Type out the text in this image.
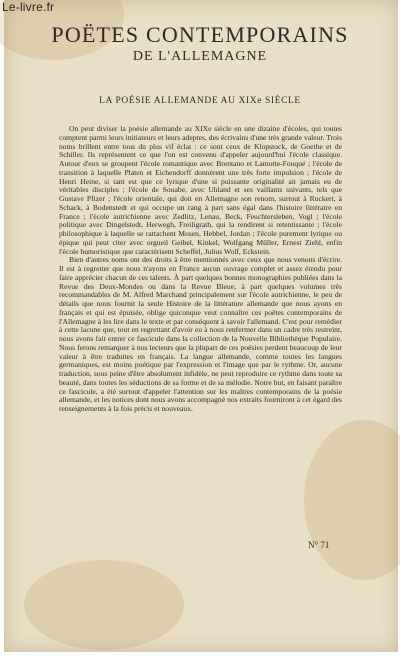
Le-livre.fr
POËTES CONTEMPORAINS
DE L'ALLEMAGNE
LA POÉSIE ALLEMANDE AU XIXe SIÈCLE

On peut diviser la poésie allemande au XIXe siècle en une dizaine d'écoles, qui toutes comptent parmi leurs initiateurs et leurs adeptes, des écrivains d'une très grande valeur. Trois noms brillent entre tous du plus vif éclat : ce sont ceux de Klopstock, de Goethe et de Schiller. Ils représentent ce que l'on est convenu d'appeler aujourd'hui l'école classique. Autour d'eux se groupent l'école romantique avec Brentano et Lamotte-Fouqué ; l'école de transition à laquelle Platen et Eichendorff donnèrent une très forte impulsion ; l'école de Henri Heine, si tant est que ce lyrique d'une si puissante originalité ait jamais eu de véritables disciples ; l'école de Souabe, avec Uhland et ses vaillants suivants, tels que Gustave Pfizer ; l'école orientale, qui doit en Allemagne son renom, surtout à Ruckert, à Schack, à Bodenstedt et qui occupe un rang à part sans égal dans l'histoire littéraire en France ; l'école autrichienne avec Zedlitz, Lenau, Beck, Feuchtersleben, Vogl ; l'école politique avec Dingelstedt, Herwegh, Freiligrath, qui la rendirent si retentissante ; l'école philosophique à laquelle se rattachent Mosen, Hebbel, Jordan ; l'école purement lyrique ou épique qui peut citer avec orgueil Geibel, Kinkel, Wolfgang Müller, Ernest Ziehl, enfin l'école humoristique que caractérisent Scheffel, Julius Wolf, Eckstein.

Bien d'autres noms ont des droits à être mentionnés avec ceux que nous venons d'écrire. Il est à regretter que nous n'ayons en France aucun ouvrage complet et assez étendu pour faire apprécier chacun de ces talents. À part quelques bonnes monographies publiées dans la Revue des Deux-Mondes ou dans la Revue Bleue, à part quelques volumes très recommandables de M. Alfred Marchand principalement sur l'école autrichienne, le peu de détails que nous fournit la seule Histoire de la littérature allemande que nous ayons en français et qui est épuisée, oblige quiconque veut connaître ces poëtes contemporains de l'Allemagne à les lire dans le texte et par conséquent à savoir l'allemand. C'est pour remédier à cette lacune que, tout en regrettant d'avoir eu à nous renfermer dans un cadre très restreint, nous avons fait entrer ce fascicule dans la collection de la Nouvelle Bibliothèque Populaire. Nous ferons remarquer à nos lecteurs que la plupart de ces poésies perdent beaucoup de leur valeur à être traduites en français. La langue allemande, comme toutes les langues germaniques, est moins poétique par l'expression et l'image que par le rythme. Or, aucune traduction, sous peine d'être absolument infidèle, ne peut reproduire ce rythme dans toute sa beauté, dans toutes les séductions de sa forme et de sa mélodie. Notre but, en faisant paraître ce fascicule, a été surtout d'appeler l'attention sur les maîtres contemporains de la poésie allemande, et les notices dont nous avons accompagné nos extraits fourniront à cet égard des renseignements à la fois précis et nouveaux.

N° 71
